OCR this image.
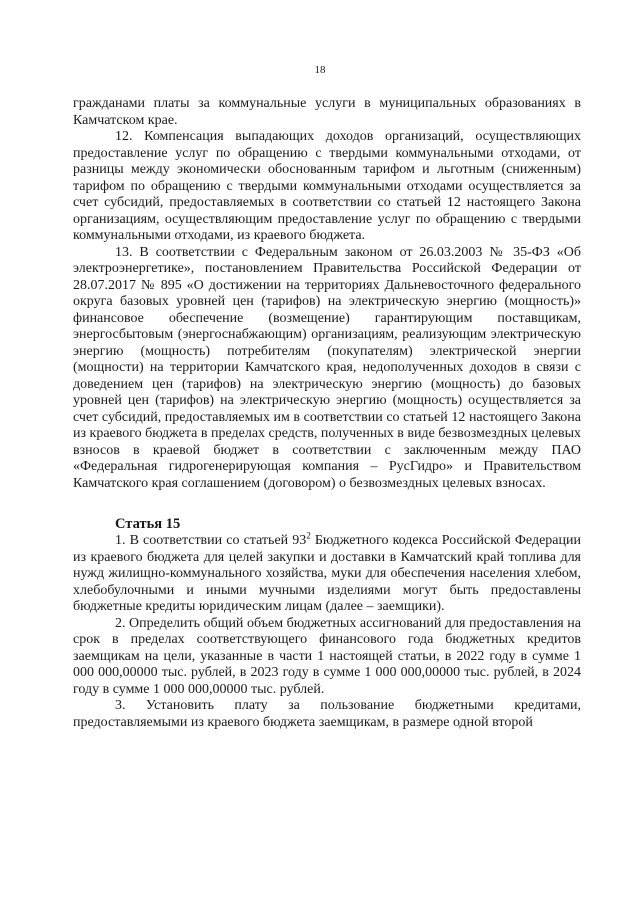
18

гражданами платы за коммунальные услуги в муниципальных образованиях в Камчатском крае.

12. Компенсация выпадающих доходов организаций, осуществляющих предоставление услуг по обращению с твердыми коммунальными отходами, от разницы между экономически обоснованным тарифом и льготным (сниженным) тарифом по обращению с твердыми коммунальными отходами осуществляется за счет субсидий, предоставляемых в соответствии со статьей 12 настоящего Закона организациям, осуществляющим предоставление услуг по обращению с твердыми коммунальными отходами, из краевого бюджета.

13. В соответствии с Федеральным законом от 26.03.2003 № 35-ФЗ «Об электроэнергетике», постановлением Правительства Российской Федерации от 28.07.2017 № 895 «О достижении на территориях Дальневосточного федерального округа базовых уровней цен (тарифов) на электрическую энергию (мощность)» финансовое обеспечение (возмещение) гарантирующим поставщикам, энергосбытовым (энергоснабжающим) организациям, реализующим электрическую энергию (мощность) потребителям (покупателям) электрической энергии (мощности) на территории Камчатского края, недополученных доходов в связи с доведением цен (тарифов) на электрическую энергию (мощность) до базовых уровней цен (тарифов) на электрическую энергию (мощность) осуществляется за счет субсидий, предоставляемых им в соответствии со статьей 12 настоящего Закона из краевого бюджета в пределах средств, полученных в виде безвозмездных целевых взносов в краевой бюджет в соответствии с заключенным между ПАО «Федеральная гидрогенерирующая компания – РусГидро» и Правительством Камчатского края соглашением (договором) о безвозмездных целевых взносах.

Статья 15

1. В соответствии со статьей $93^2$ Бюджетного кодекса Российской Федерации из краевого бюджета для целей закупки и доставки в Камчатский край топлива для нужд жилищно-коммунального хозяйства, муки для обеспечения населения хлебом, хлебобулочными и иными мучными изделиями могут быть предоставлены бюджетные кредиты юридическим лицам (далее – заемщики).

2. Определить общий объем бюджетных ассигнований для предоставления на срок в пределах соответствующего финансового года бюджетных кредитов заемщикам на цели, указанные в части 1 настоящей статьи, в 2022 году в сумме 1 000 000,00000 тыс. рублей, в 2023 году в сумме 1 000 000,00000 тыс. рублей, в 2024 году в сумме 1 000 000,00000 тыс. рублей.

3. Установить плату за пользование бюджетными кредитами, предоставляемыми из краевого бюджета заемщикам, в размере одной второй
